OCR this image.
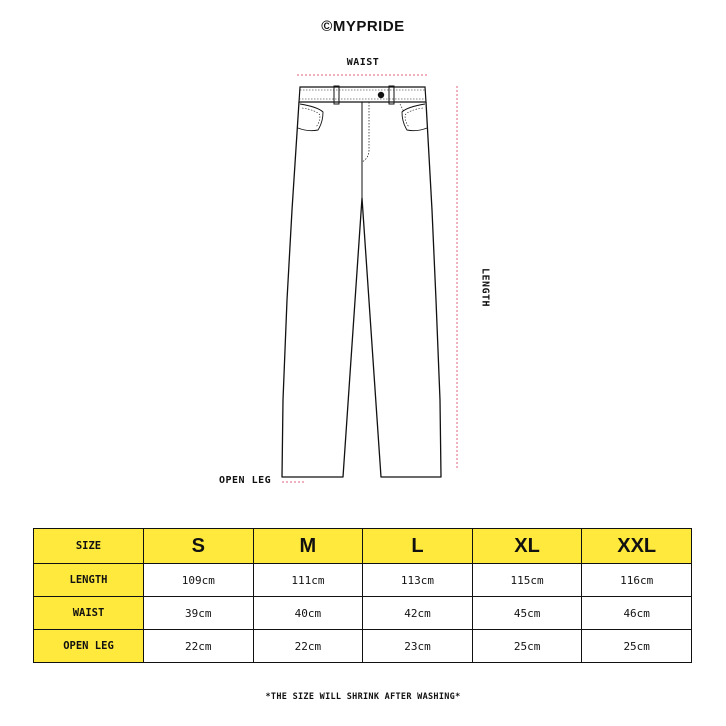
©MYPRIDE
WAIST
LENGTH
OPEN LEG
SIZE	S	M	L	XL	XXL
LENGTH	109cm	111cm	113cm	115cm	116cm
WAIST	39cm	40cm	42cm	45cm	46cm
OPEN LEG	22cm	22cm	23cm	25cm	25cm
*THE SIZE WILL SHRINK AFTER WASHING*
